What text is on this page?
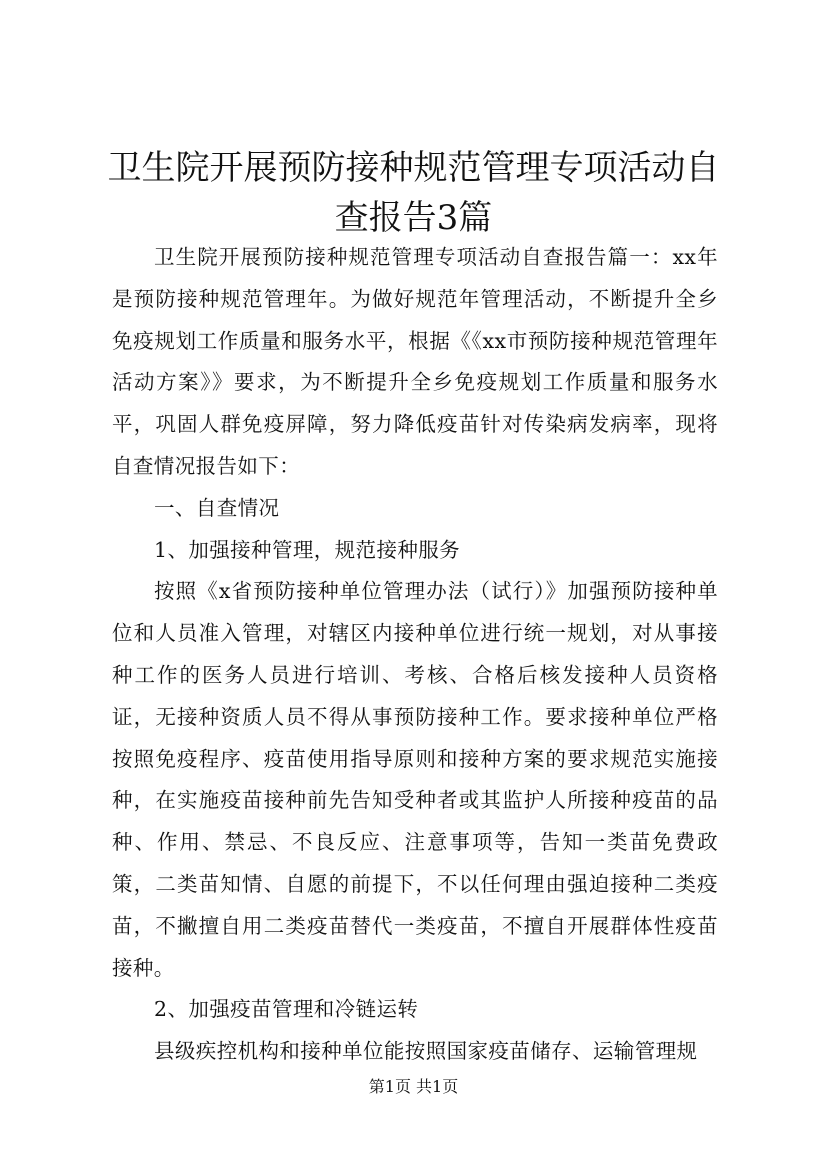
卫生院开展预防接种规范管理专项活动自查报告3篇

卫生院开展预防接种规范管理专项活动自查报告篇一：xx年是预防接种规范管理年。为做好规范年管理活动，不断提升全乡免疫规划工作质量和服务水平，根据《《xx市预防接种规范管理年活动方案》》要求，为不断提升全乡免疫规划工作质量和服务水平，巩固人群免疫屏障，努力降低疫苗针对传染病发病率，现将自查情况报告如下：

一、自查情况

1、加强接种管理，规范接种服务

按照《x省预防接种单位管理办法（试行）》加强预防接种单位和人员准入管理，对辖区内接种单位进行统一规划，对从事接种工作的医务人员进行培训、考核、合格后核发接种人员资格证，无接种资质人员不得从事预防接种工作。要求接种单位严格按照免疫程序、疫苗使用指导原则和接种方案的要求规范实施接种，在实施疫苗接种前先告知受种者或其监护人所接种疫苗的品种、作用、禁忌、不良反应、注意事项等，告知一类苗免费政策，二类苗知情、自愿的前提下，不以任何理由强迫接种二类疫苗，不撇擅自用二类疫苗替代一类疫苗，不擅自开展群体性疫苗接种。

2、加强疫苗管理和冷链运转

县级疾控机构和接种单位能按照国家疫苗储存、运输管理规

第1页 共1页
